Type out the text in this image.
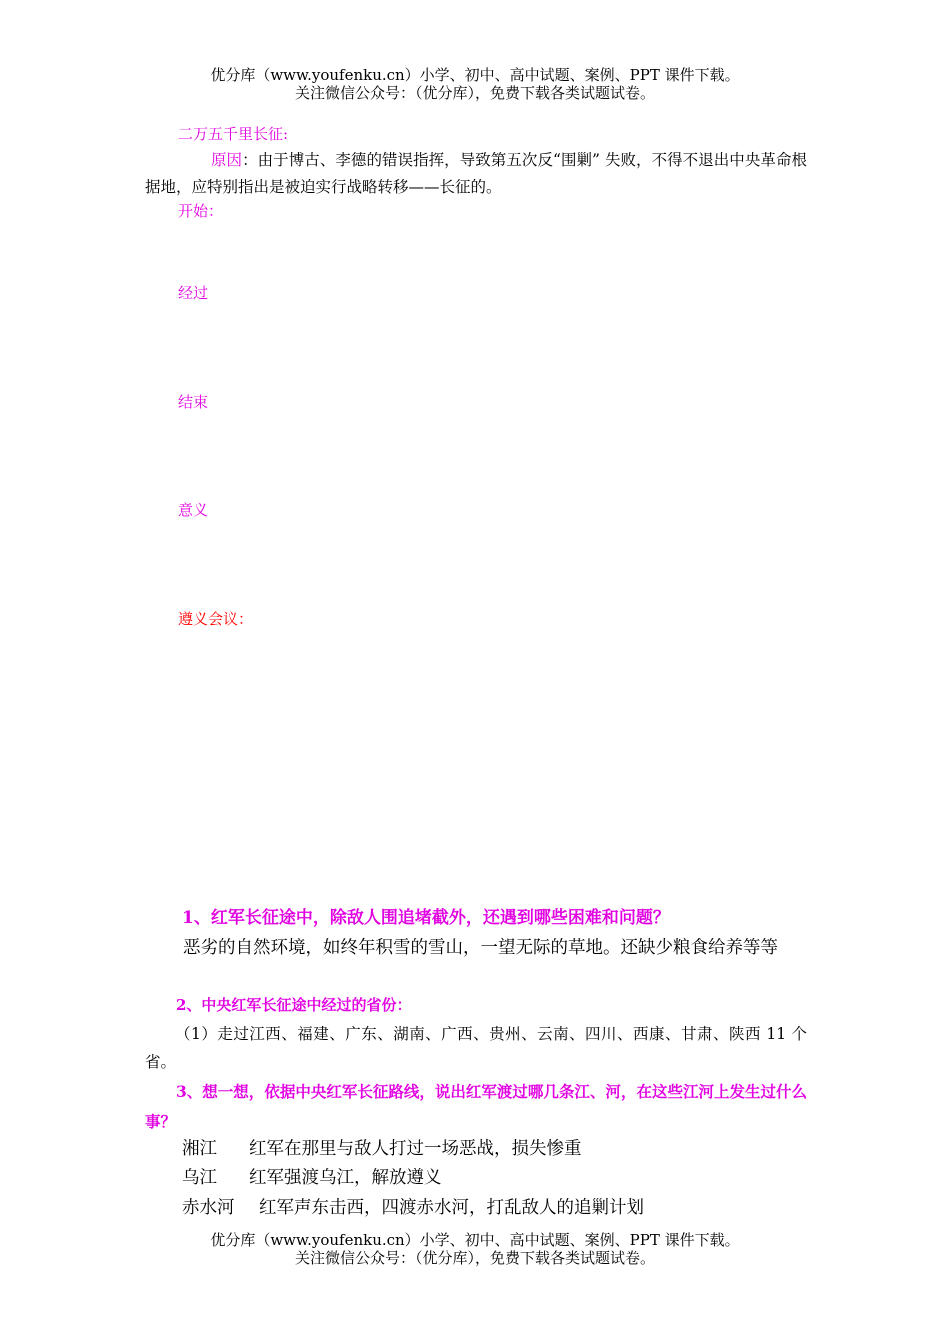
优分库（www.youfenku.cn）小学、初中、高中试题、案例、PPT 课件下载。
关注微信公众号：（优分库），免费下载各类试题试卷。
二万五千里长征:
原因：由于博古、李德的错误指挥，导致第五次反“围剿” 失败，不得不退出中央革命根据地，应特别指出是被迫实行战略转移——长征的。
开始：
经过
结束
意义
遵义会议：
1、红军长征途中，除敌人围追堵截外，还遇到哪些困难和问题？
恶劣的自然环境，如终年积雪的雪山，一望无际的草地。还缺少粮食给养等等
2、中央红军长征途中经过的省份：
（1）走过江西、福建、广东、湖南、广西、贵州、云南、四川、西康、甘肃、陕西 11 个省。
3、想一想，依据中央红军长征路线，说出红军渡过哪几条江、河，在这些江河上发生过什么事？
湘江 红军在那里与敌人打过一场恶战，损失惨重
乌江 红军强渡乌江，解放遵义
赤水河 红军声东击西，四渡赤水河，打乱敌人的追剿计划
优分库（www.youfenku.cn）小学、初中、高中试题、案例、PPT 课件下载。
关注微信公众号：（优分库），免费下载各类试题试卷。
